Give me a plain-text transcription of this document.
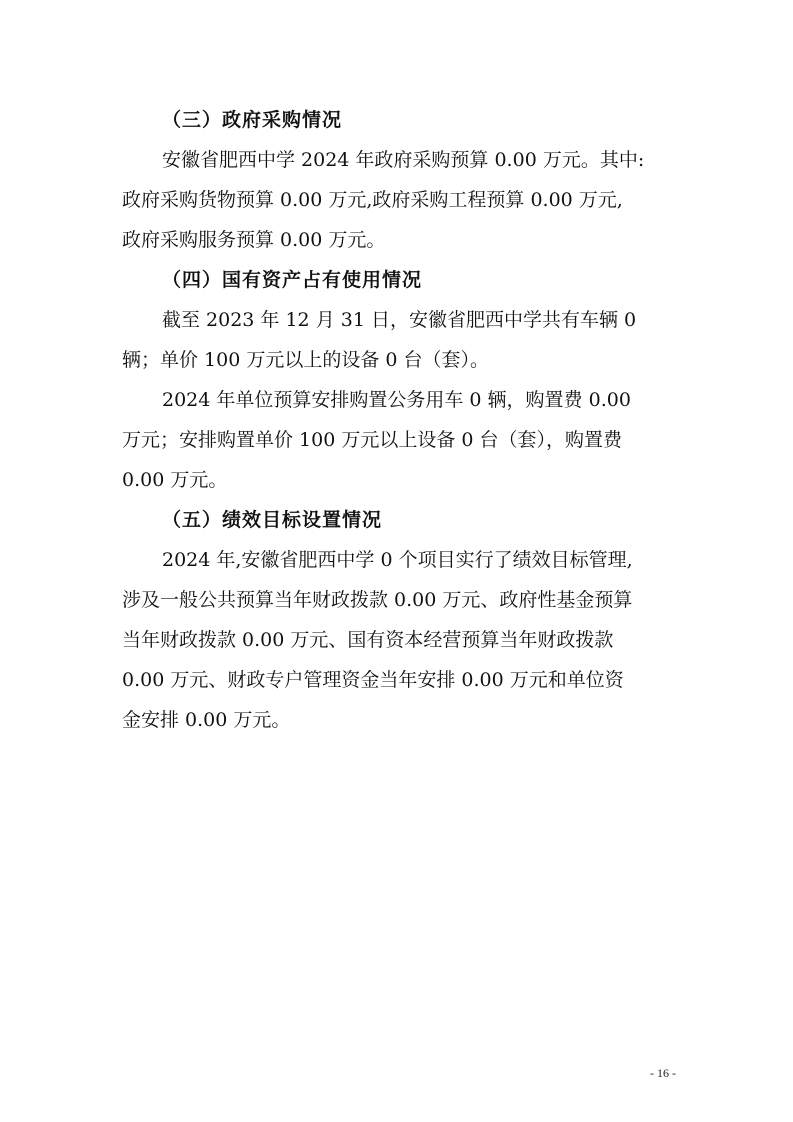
（三）政府采购情况
安徽省肥西中学 2024 年政府采购预算 0.00 万元。其中:
政府采购货物预算 0.00 万元,政府采购工程预算 0.00 万元,
政府采购服务预算 0.00 万元。
（四）国有资产占有使用情况
截至 2023 年 12 月 31 日，安徽省肥西中学共有车辆 0
辆；单价 100 万元以上的设备 0 台（套）。
2024 年单位预算安排购置公务用车 0 辆，购置费 0.00
万元；安排购置单价 100 万元以上设备 0 台（套），购置费
0.00 万元。
（五）绩效目标设置情况
2024 年,安徽省肥西中学 0 个项目实行了绩效目标管理,
涉及一般公共预算当年财政拨款 0.00 万元、政府性基金预算
当年财政拨款 0.00 万元、国有资本经营预算当年财政拨款
0.00 万元、财政专户管理资金当年安排 0.00 万元和单位资
金安排 0.00 万元。
- 16 -
